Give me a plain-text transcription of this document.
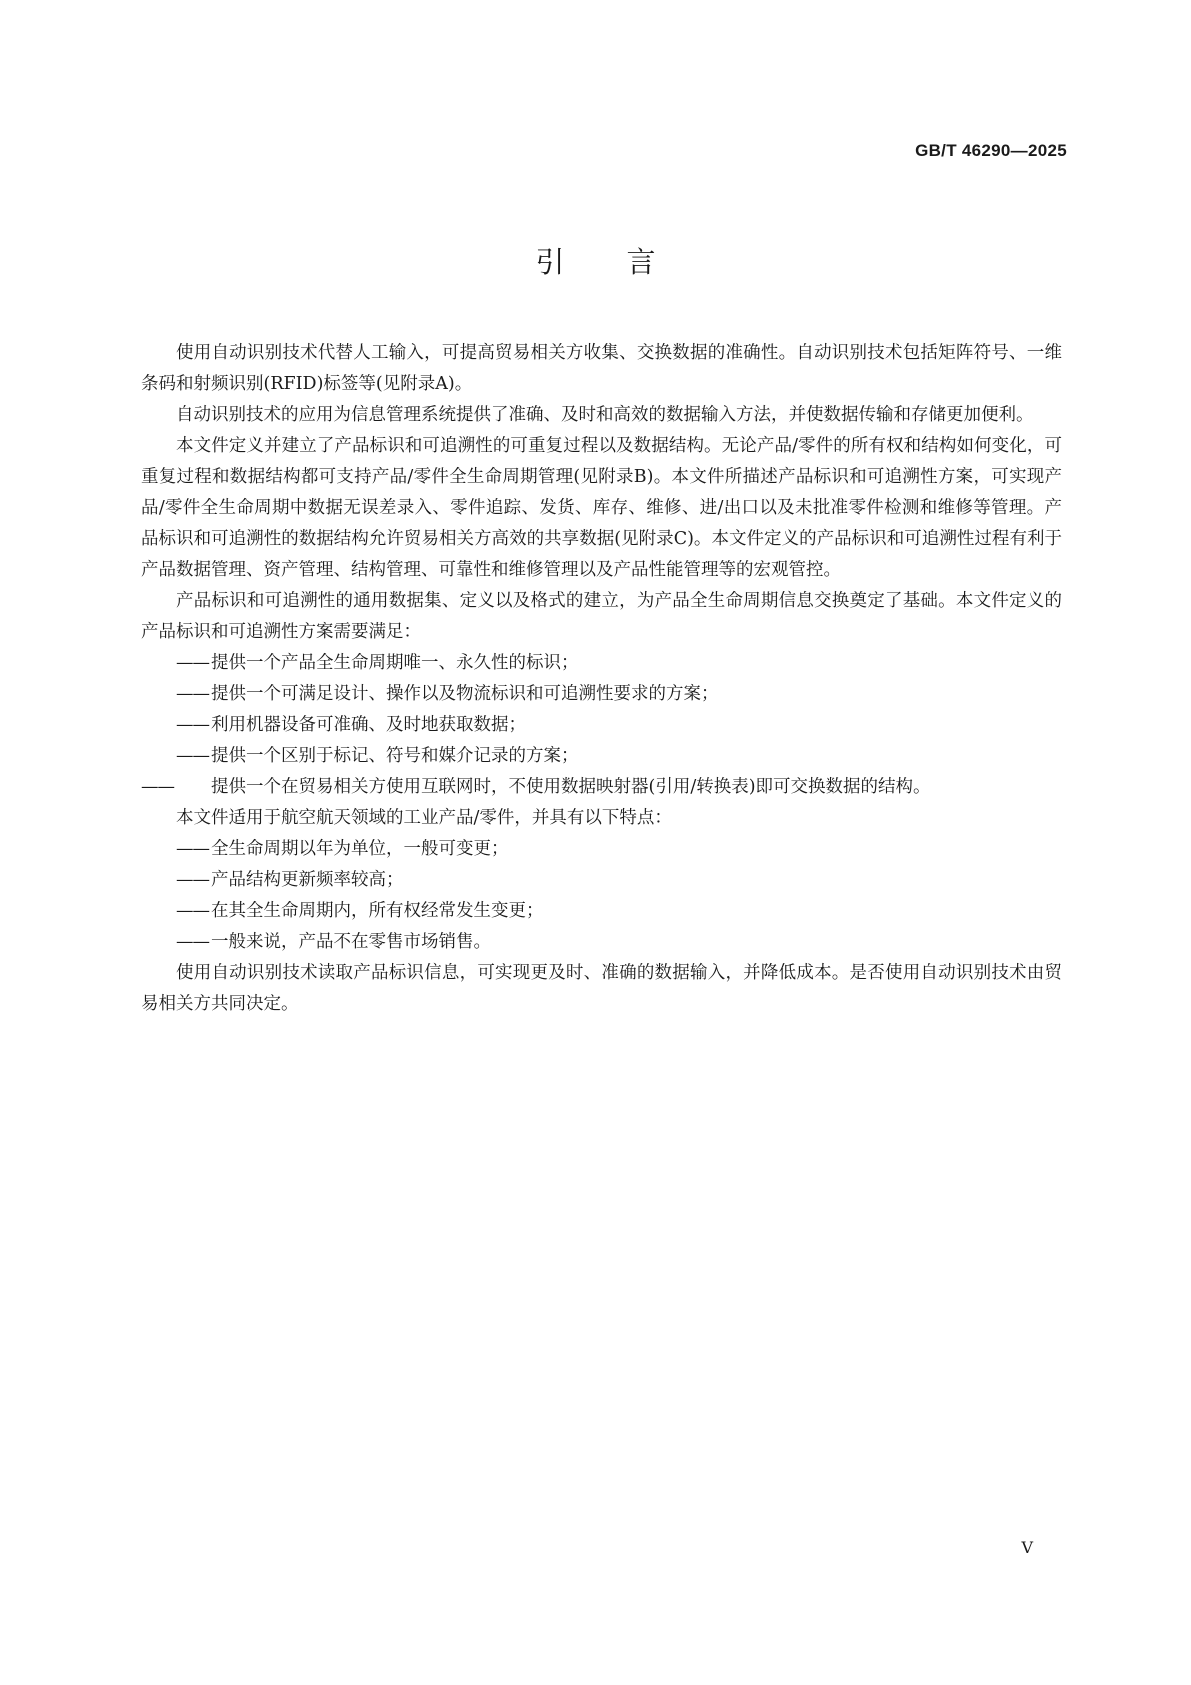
GB/T 46290—2025
引言

使用自动识别技术代替人工输入，可提高贸易相关方收集、交换数据的准确性。自动识别技术包括矩阵符号、一维条码和射频识别(RFID)标签等(见附录A)。

自动识别技术的应用为信息管理系统提供了准确、及时和高效的数据输入方法，并使数据传输和存储更加便利。

本文件定义并建立了产品标识和可追溯性的可重复过程以及数据结构。无论产品/零件的所有权和结构如何变化，可重复过程和数据结构都可支持产品/零件全生命周期管理(见附录B)。本文件所描述产品标识和可追溯性方案，可实现产品/零件全生命周期中数据无误差录入、零件追踪、发货、库存、维修、进/出口以及未批准零件检测和维修等管理。产品标识和可追溯性的数据结构允许贸易相关方高效的共享数据(见附录C)。本文件定义的产品标识和可追溯性过程有利于产品数据管理、资产管理、结构管理、可靠性和维修管理以及产品性能管理等的宏观管控。

产品标识和可追溯性的通用数据集、定义以及格式的建立，为产品全生命周期信息交换奠定了基础。本文件定义的产品标识和可追溯性方案需要满足：

—— 提供一个产品全生命周期唯一、永久性的标识；

—— 提供一个可满足设计、操作以及物流标识和可追溯性要求的方案；

—— 利用机器设备可准确、及时地获取数据；

—— 提供一个区别于标记、符号和媒介记录的方案；

—— 提供一个在贸易相关方使用互联网时，不使用数据映射器(引用/转换表)即可交换数据的结构。

本文件适用于航空航天领域的工业产品/零件，并具有以下特点：

—— 全生命周期以年为单位，一般可变更；

—— 产品结构更新频率较高；

—— 在其全生命周期内，所有权经常发生变更；

—— 一般来说，产品不在零售市场销售。

使用自动识别技术读取产品标识信息，可实现更及时、准确的数据输入，并降低成本。是否使用自动识别技术由贸易相关方共同决定。

V
